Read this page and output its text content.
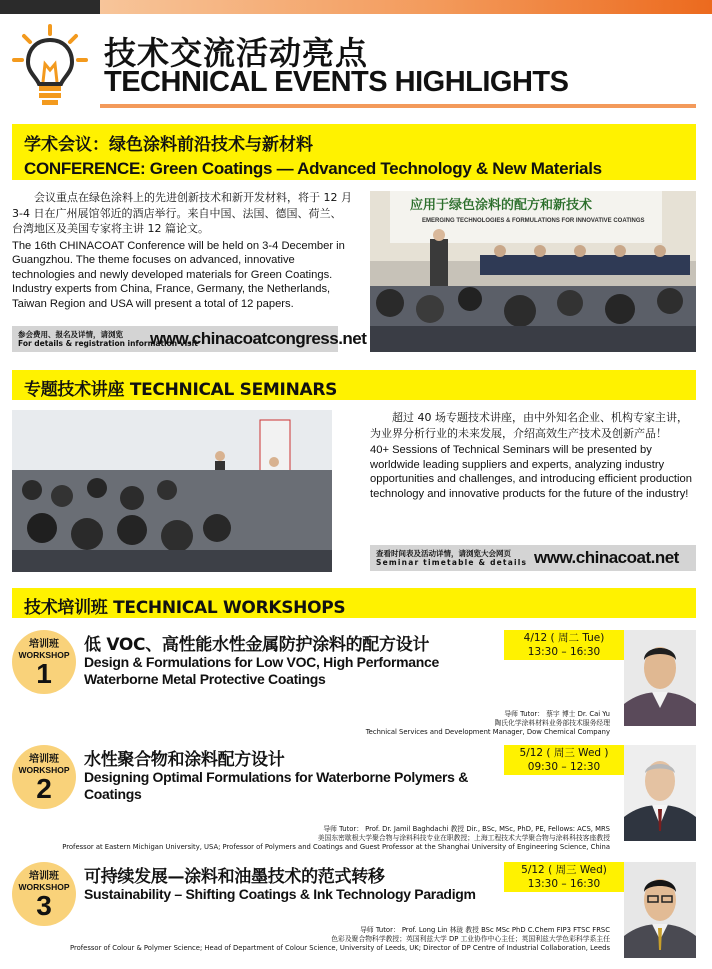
技术交流活动亮点
TECHNICAL EVENTS HIGHLIGHTS
学术会议：绿色涂料前沿技术与新材料
CONFERENCE: Green Coatings — Advanced Technology & New Materials

会议重点在绿色涂料上的先进创新技术和新开发材料，将于 12 月 3-4 日在广州展馆邻近的酒店举行。来自中国、法国、德国、荷兰、台湾地区及美国专家将主讲 12 篇论文。

The 16th CHINACOAT Conference will be held on 3-4 December in Guangzhou. The theme focuses on advanced, innovative technologies and newly developed materials for Green Coatings. Industry experts from China, France, Germany, the Netherlands, Taiwan Region and USA will present a total of 12 papers.

参会费用、报名及详情，请浏览
For details & registration information visit
www.chinacoatcongress.net
应用于绿色涂料的配方和新技术
EMERGING TECHNOLOGIES & FORMULATIONS FOR INNOVATIVE COATINGS
专题技术讲座 TECHNICAL SEMINARS

超过 40 场专题技术讲座，由中外知名企业、机构专家主讲，为业界分析行业的未来发展，介绍高效生产技术及创新产品！

40+ Sessions of Technical Seminars will be presented by worldwide leading suppliers and experts, analyzing industry opportunities and challenges, and introducing efficient production technology and innovative products for the future of the industry!

查看时间表及活动详情，请浏览大会网页
Seminar timetable & details www.chinacoat.net
技术培训班 TECHNICAL WORKSHOPS
培训班
WORKSHOP
1
低 VOC、高性能水性金属防护涂料的配方设计
Design & Formulations for Low VOC, High Performance Waterborne Metal Protective Coatings
4/12 ( 周二 Tue)
13:30 – 16:30
导师 Tutor： 蔡宇 博士 Dr. Cai Yu
陶氏化学涂料材料业务部技术服务经理
Technical Services and Development Manager, Dow Chemical Company
培训班
WORKSHOP
2
水性聚合物和涂料配方设计
Designing Optimal Formulations for Waterborne Polymers & Coatings
5/12 ( 周三 Wed )
09:30 – 12:30
导师 Tutor： Prof. Dr. Jamil Baghdachi 教授 Dir., BSc, MSc, PhD, PE, Fellows: ACS, MRS
美国东密歇根大学聚合物与涂料科技专业在职教授；上海工程技术大学聚合物与涂料科技客座教授
Professor at Eastern Michigan University, USA; Professor of Polymers and Coatings and Guest Professor at the Shanghai University of Engineering Science, China
培训班
WORKSHOP
3
可持续发展—涂料和油墨技术的范式转移
Sustainability – Shifting Coatings & Ink Technology Paradigm
5/12 ( 周三 Wed)
13:30 – 16:30
导师 Tutor： Prof. Long Lin 林珑 教授 BSc MSc PhD C.Chem FIP3 FTSC FRSC
色彩及聚合物科学教授；英国利兹大学 DP 工业协作中心主任；英国利兹大学色彩科学系主任
Professor of Colour & Polymer Science; Head of Department of Colour Science, University of Leeds, UK; Director of DP Centre of Industrial Collaboration, Leeds
